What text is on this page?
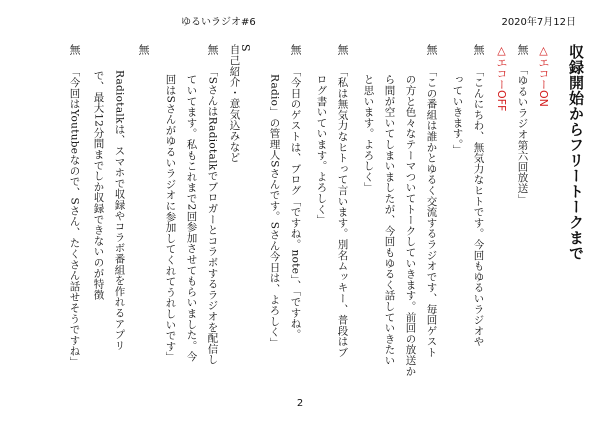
ゆるいラジオ#6	2020年7月12日
収録開始からフリートークまで
△エコーON
無
「ゆるいラジオ第六回放送」
△エコーOFF
無
「こんにちわ、無気力なヒトです。今回もゆるいラジオや
っていきます。」
無
「この番組は誰かとゆるく交流するラジオです、毎回ゲスト
の方と色々なテーマついてトークしていきます。前回の放送か
ら間が空いてしまいましたが、今回もゆるく話していきたい
と思います。よろしく」
無
「私は無気力なヒトって言います。別名ムッキー、普段はブ
ログ書いています。よろしく」
無
「今日のゲストは、ブログ「ですね。note」、「ですね。
Radio」の管理人Sさんです。Sさん今日は、よろしく」
S
自己紹介・意気込みなど
無
「SさんはRadiotalkでブロガーとコラボするラジオを配信し
ていてます。私もこれまで2回参加させてもらいました。今
回はSさんがゆるいラジオに参加してくれてうれしいです」
無
Radiotalkは、スマホで収録やコラボ番組を作れるアプリ
で、最大12分間までしか収録できないのが特徴
無
「今回はYoutubeなので、Sさん、たくさん話せそうですね」
2
